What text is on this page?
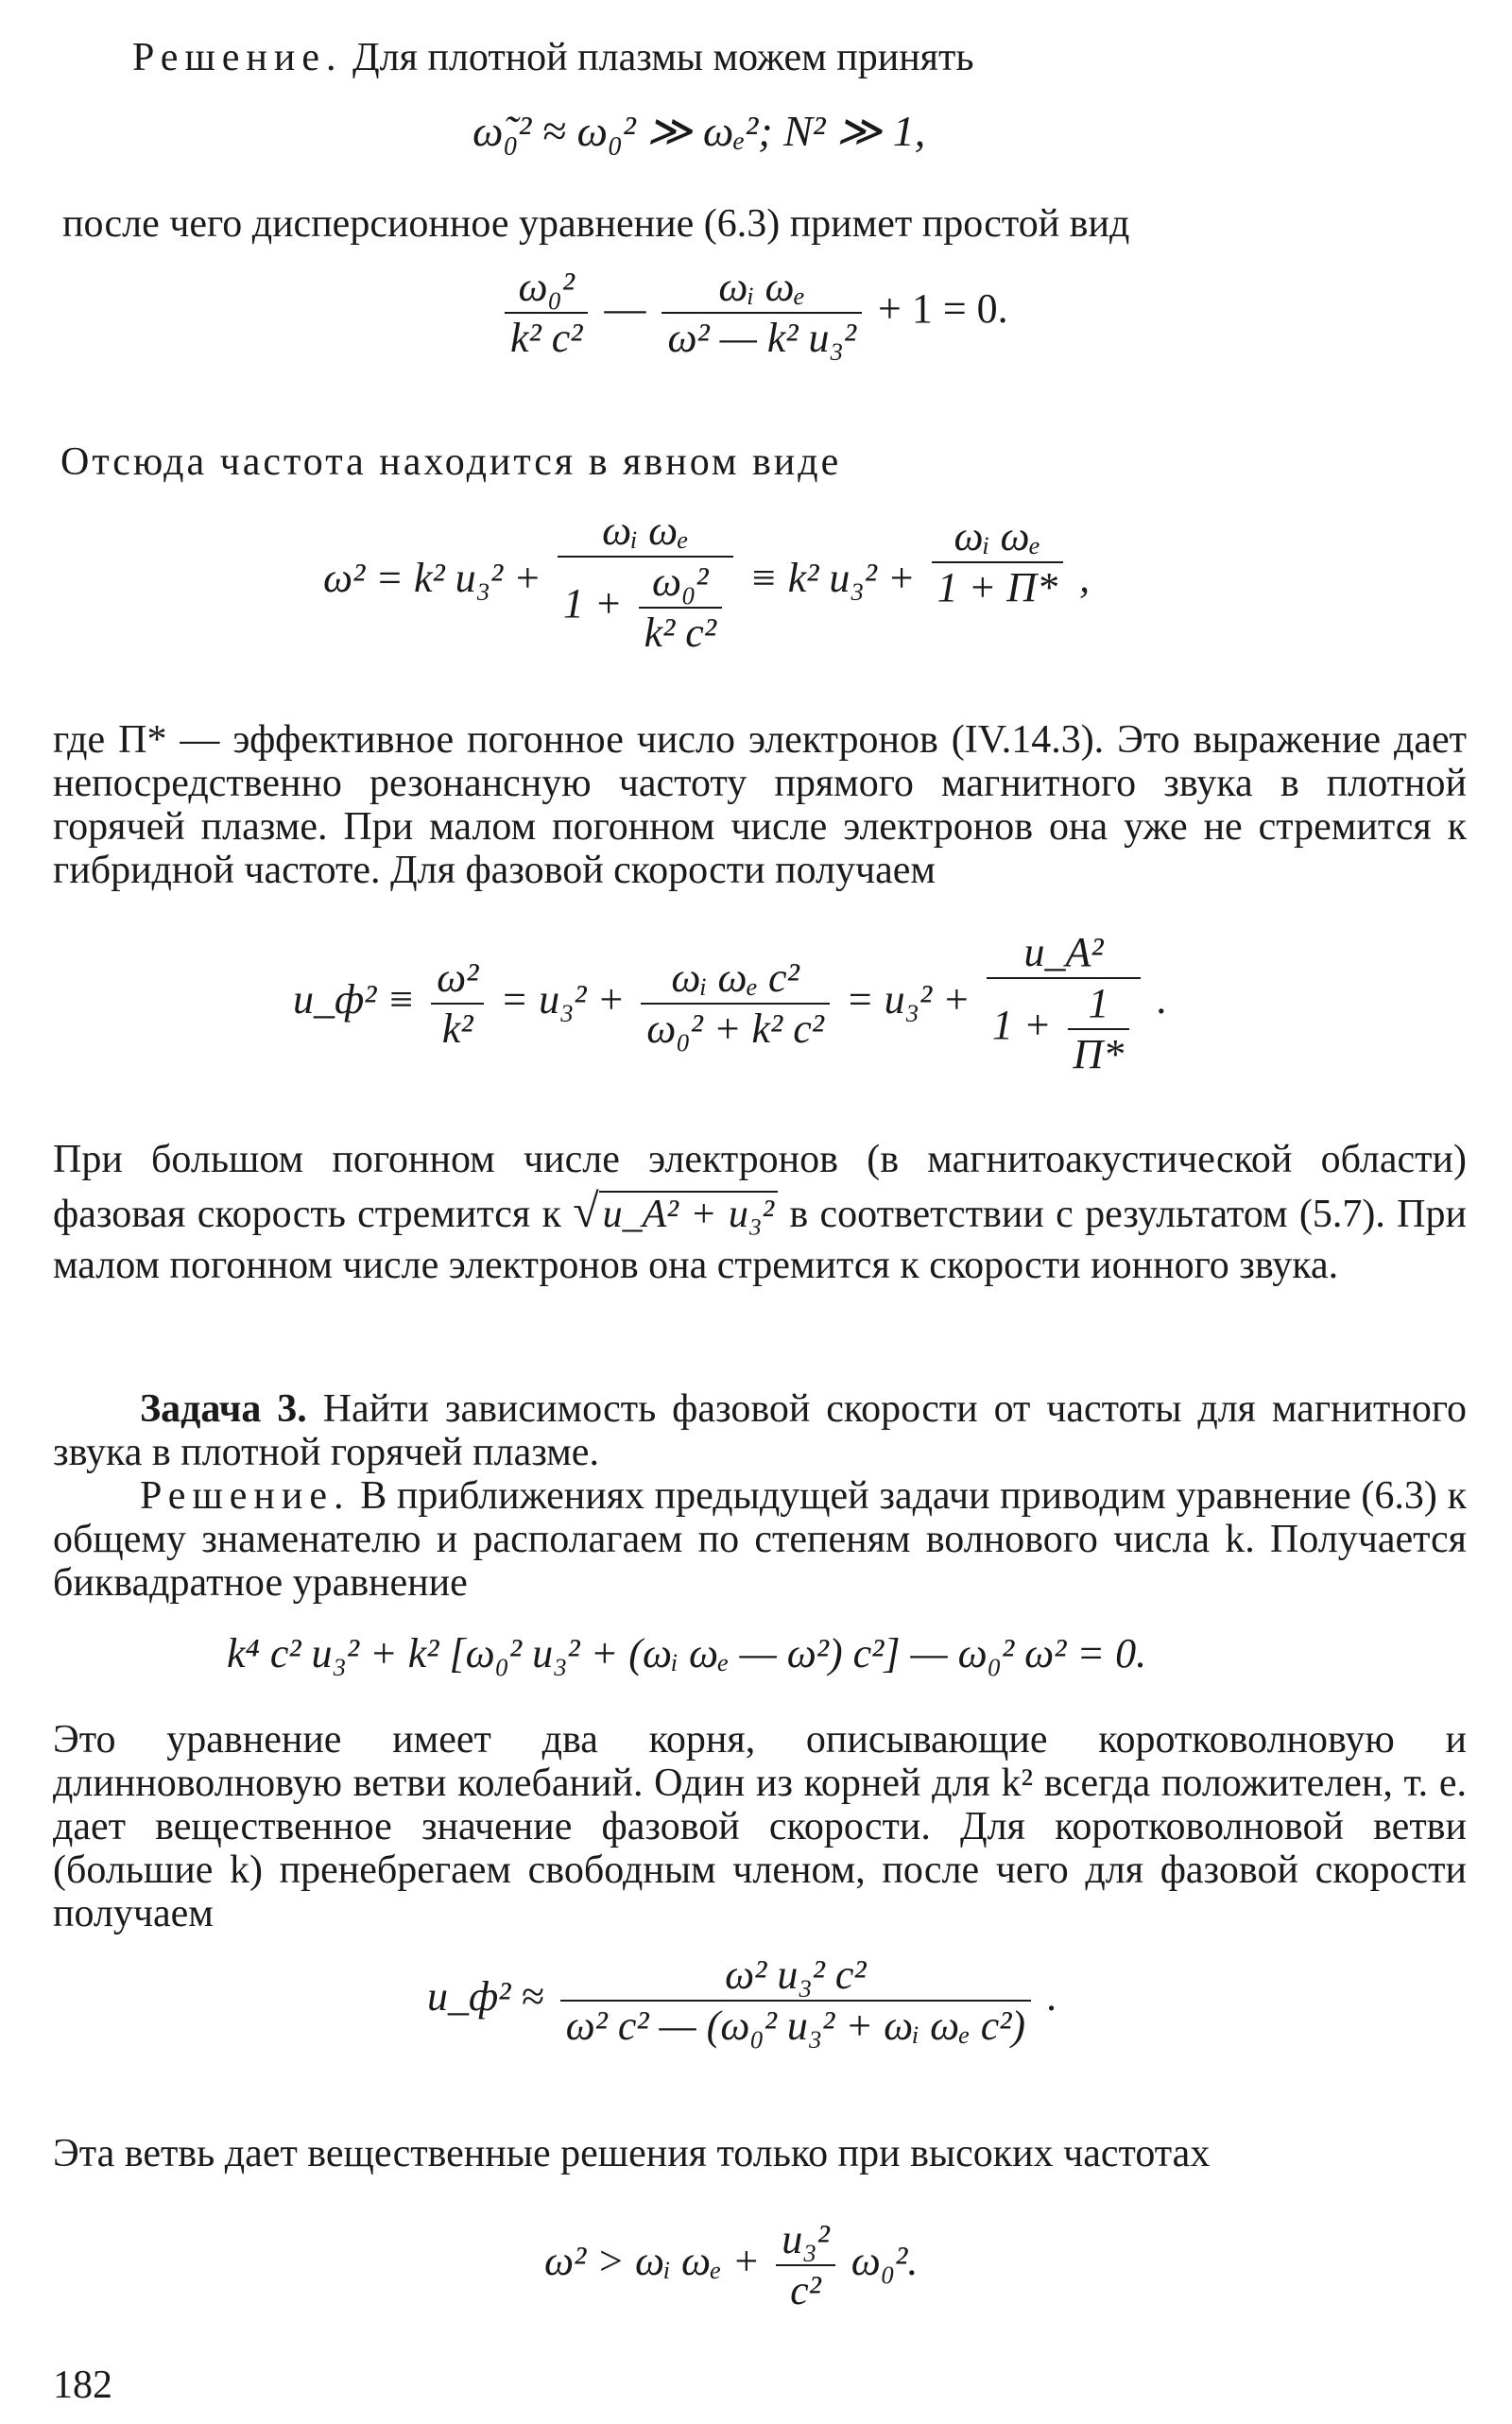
Решение. Для плотной плазмы можем принять
ω̃₀² ≈ ω₀² ≫ ωₑ²; N² ≫ 1,
после чего дисперсионное уравнение (6.3) примет простой вид
$\frac{\text{ω₀²}}{\text{k² c²}}$ — $\frac{\text{ωᵢ ωₑ}}{\text{ω² — k² u₃²}} + 1 = 0$.
Отсюда частота находится в явном виде
ω² = k² $u_3^2 + \frac{\text{ωᵢ ωₑ}}{1 + \frac{\text{ω₀²}}{\text{k² c²}}} \equiv k^2$ $u_3^2 + \frac{\text{ωᵢ ωₑ}}{1 + П*}$ ,
где П* — эффективное погонное число электронов (IV.14.3). Это выражение дает непосредственно резонансную частоту прямого магнитного звука в плотной горячей плазме. При малом погонном числе электронов она уже не стремится к гибридной частоте. Для фазовой скорости получаем
u_ф² ≡ $\frac{\text{ω²}}{\text{k²}} = u_3^2 + \frac{\text{ωᵢ ωₑ c²}}{\text{ω₀² + k² c²}} = u_3^2 + \frac{\text{u\_A²}}{1 + \frac{1}{П*}}$ .
При большом погонном числе электронов (в магнитоакустической области) фазовая скорость стремится к √u_A² + u₃² в соответствии с результатом (5.7). При малом погонном числе электронов она стремится к скорости ионного звука.
Задача 3. Найти зависимость фазовой скорости от частоты для магнитного звука в плотной горячей плазме.
Решение. В приближениях предыдущей задачи приводим уравнение (6.3) к общему знаменателю и располагаем по степеням волнового числа k. Получается биквадратное уравнение
k⁴ c² u₃² + k² [ω₀² u₃² + (ωᵢ ωₑ — ω²) c²] — ω₀² ω² = 0.
Это уравнение имеет два корня, описывающие коротковолновую и длинноволновую ветви колебаний. Один из корней для k² всегда положителен, т. е. дает вещественное значение фазовой скорости. Для коротковолновой ветви (большие k) пренебрегаем свободным членом, после чего для фазовой скорости получаем
u_ф² ≈ $\frac{\text{ω² u₃² c²}}{\text{ω² c² — (ω₀² u₃² + ωᵢ ωₑ c²)}}$ .
Эта ветвь дает вещественные решения только при высоких частотах
ω² > ωᵢ $\omega_e + \frac{\text{u₃²}}{\text{c²}} \omega_0^2$.
182
